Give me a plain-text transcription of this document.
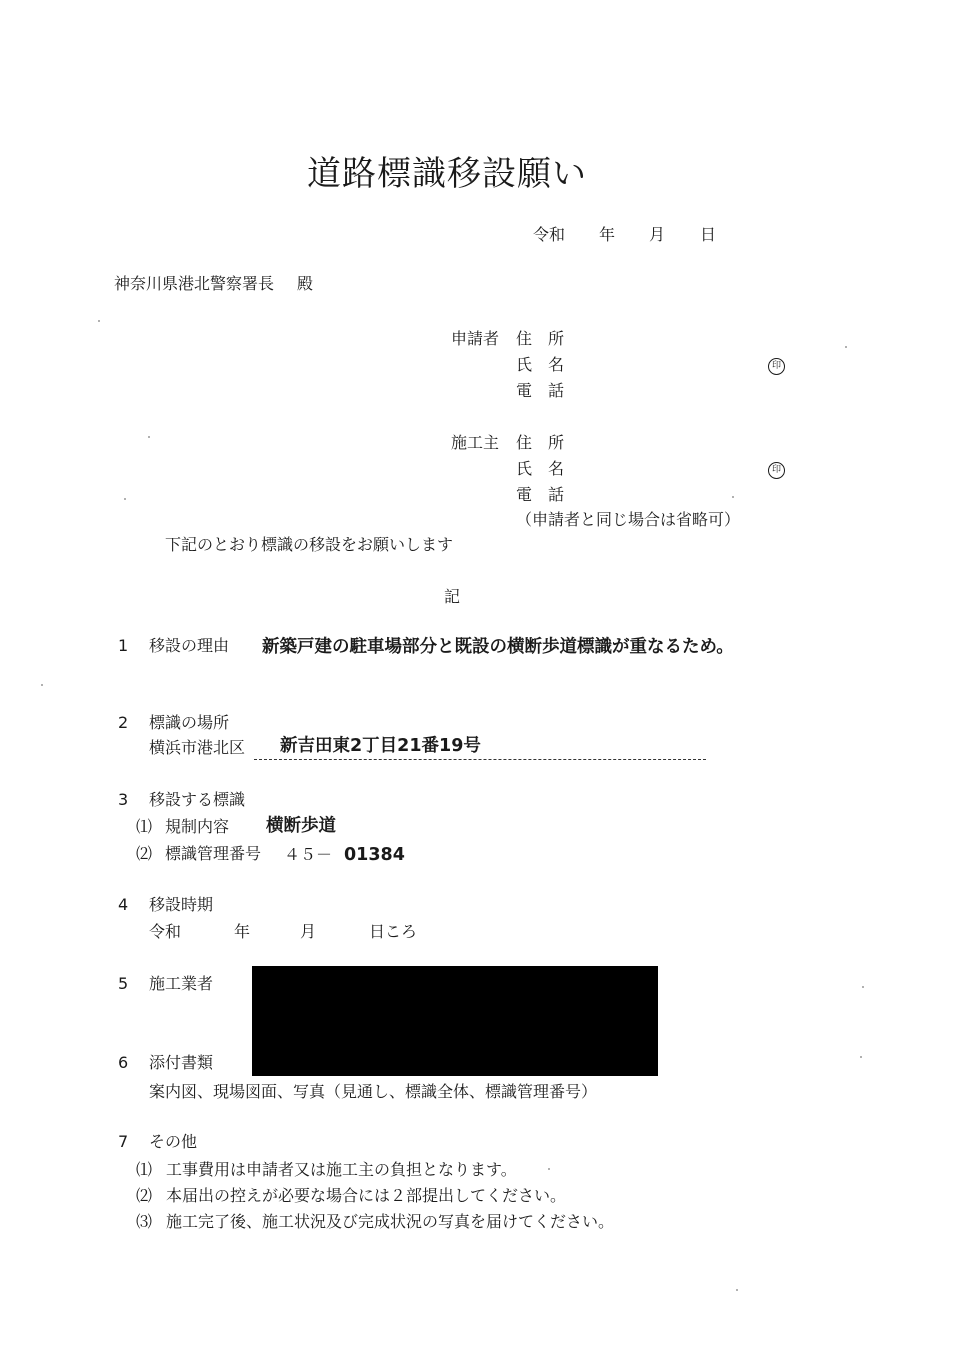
道路標識移設願い
令和 年 月 日
神奈川県港北警察署長 殿
申請者 住　所
氏　名	印
電　話
施工主 住　所
氏　名	印
電　話
（申請者と同じ場合は省略可）
下記のとおり標識の移設をお願いします
記
1 移設の理由 新築戸建の駐車場部分と既設の横断歩道標識が重なるため。
2 標識の場所
横浜市港北区 新吉田東2丁目21番19号
3 移設する標識
⑴ 規制内容 横断歩道
⑵ 標識管理番号 ４５－ 01384
4 移設時期
令和	年	月	日ころ
5 施工業者
6 添付書類
案内図、現場図面、写真（見通し、標識全体、標識管理番号）
7 その他
⑴ 工事費用は申請者又は施工主の負担となります。
⑵ 本届出の控えが必要な場合には２部提出してください。
⑶ 施工完了後、施工状況及び完成状況の写真を届けてください。
